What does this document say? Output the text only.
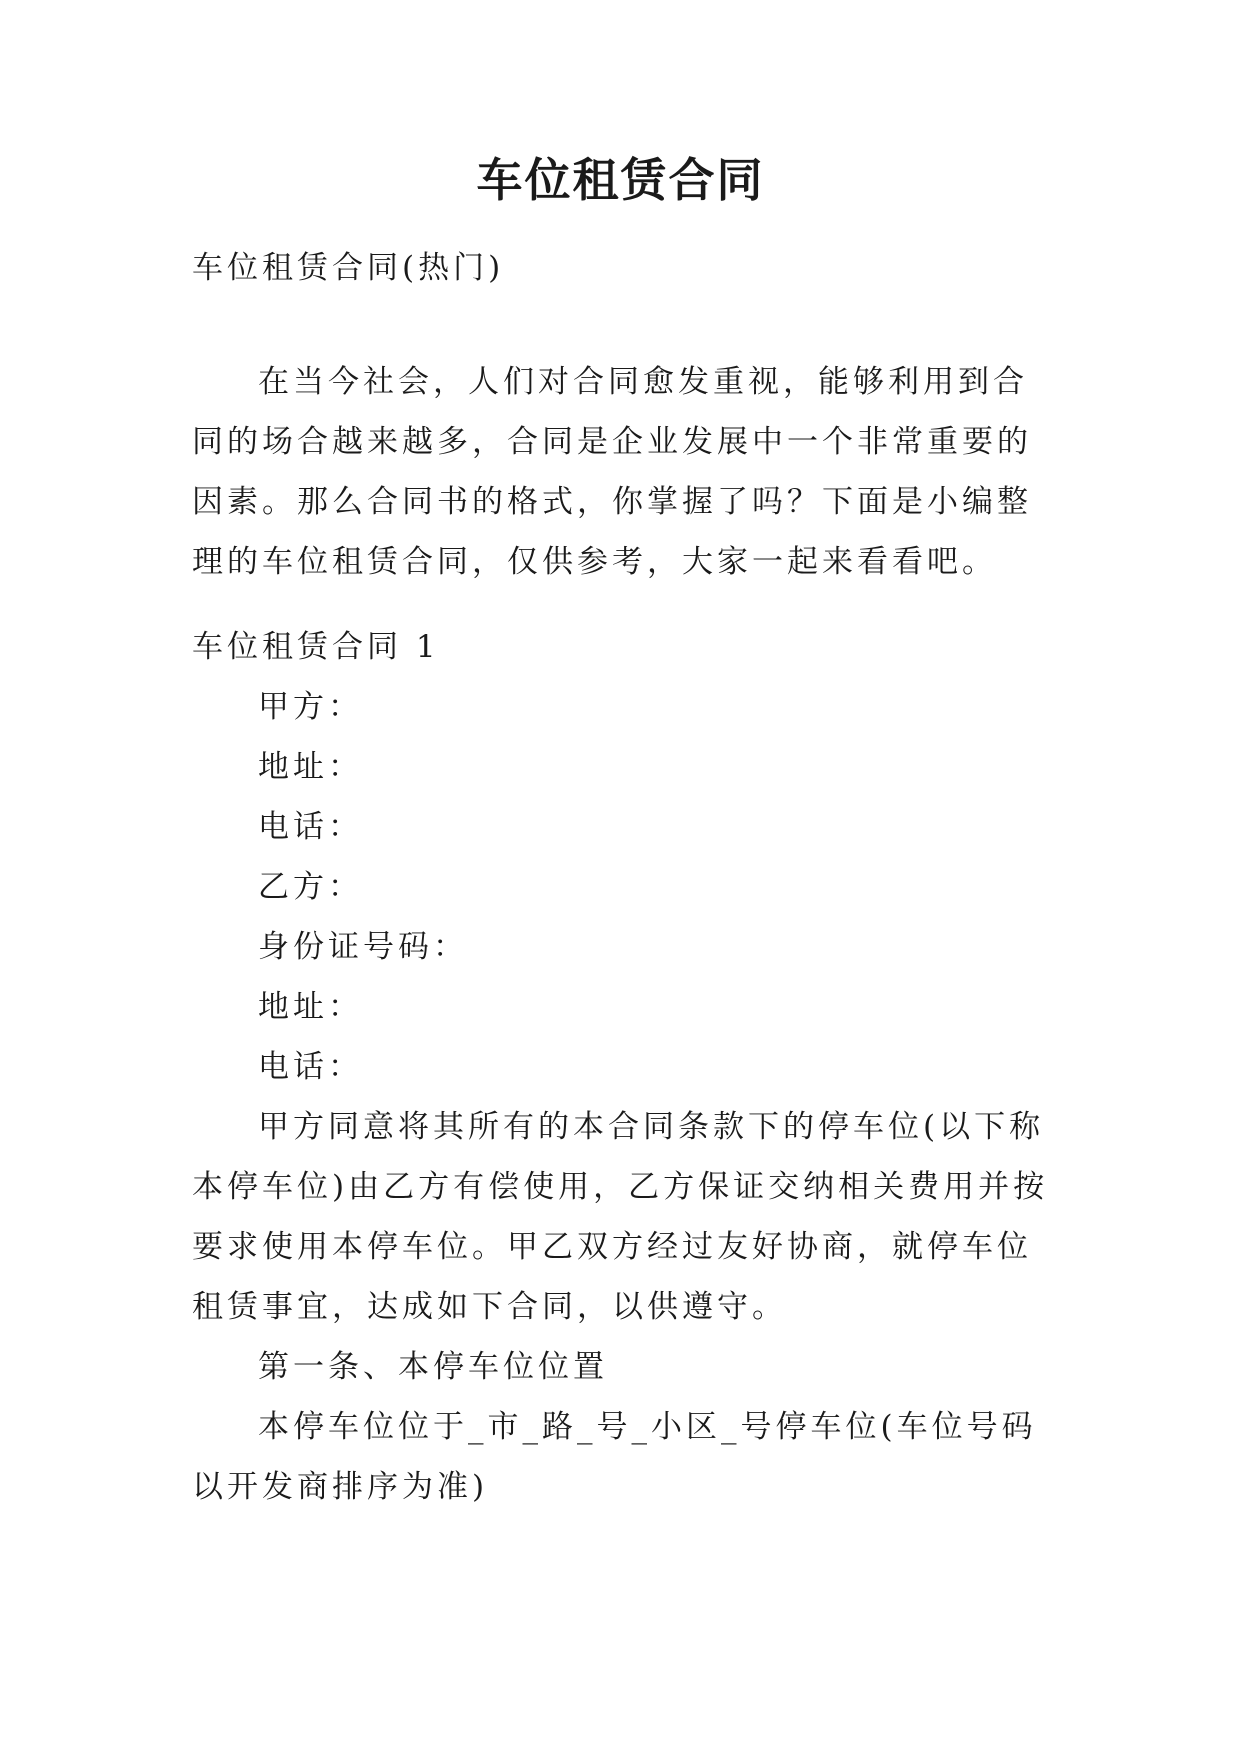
车位租赁合同

车位租赁合同(热门)

在当今社会，人们对合同愈发重视，能够利用到合同的场合越来越多，合同是企业发展中一个非常重要的因素。那么合同书的格式，你掌握了吗？下面是小编整理的车位租赁合同，仅供参考，大家一起来看看吧。

车位租赁合同 1

甲方：

地址：

电话：

乙方：

身份证号码：

地址：

电话：

甲方同意将其所有的本合同条款下的停车位(以下称本停车位)由乙方有偿使用，乙方保证交纳相关费用并按要求使用本停车位。甲乙双方经过友好协商，就停车位租赁事宜，达成如下合同，以供遵守。

第一条、本停车位位置

本停车位位于_市_路_号_小区_号停车位(车位号码以开发商排序为准)
